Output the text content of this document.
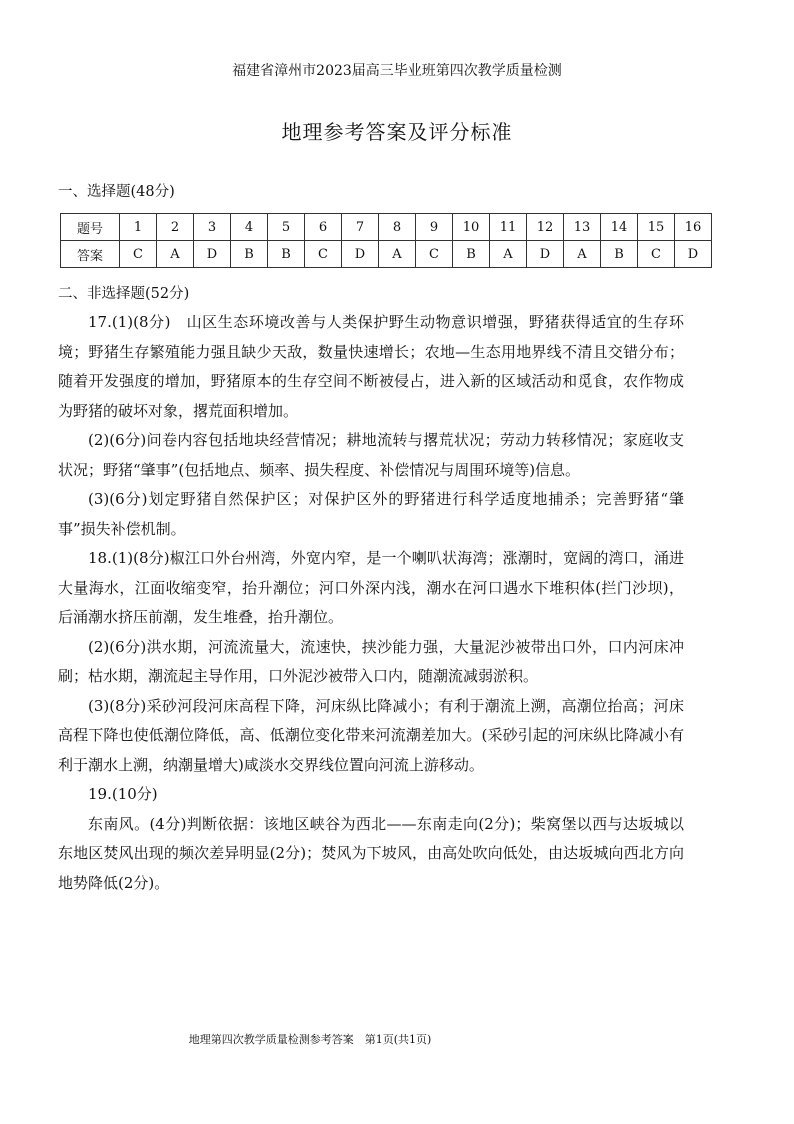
福建省漳州市2023届高三毕业班第四次教学质量检测
地理参考答案及评分标准
一、选择题(48分)
题号	1	2	3	4	5	6	7	8	9	10	11	12	13	14	15	16
答案	C	A	D	B	B	C	D	A	C	B	A	D	A	B	C	D
二、非选择题(52分)

17.(1)(8分)　山区生态环境改善与人类保护野生动物意识增强，野猪获得适宜的生存环境；野猪生存繁殖能力强且缺少天敌，数量快速增长；农地—生态用地界线不清且交错分布；随着开发强度的增加，野猪原本的生存空间不断被侵占，进入新的区域活动和觅食，农作物成为野猪的破坏对象，撂荒面积增加。

(2)(6分)问卷内容包括地块经营情况；耕地流转与撂荒状况；劳动力转移情况；家庭收支状况；野猪“肇事”(包括地点、频率、损失程度、补偿情况与周围环境等)信息。

(3)(6分)划定野猪自然保护区；对保护区外的野猪进行科学适度地捕杀；完善野猪“肇事”损失补偿机制。

18.(1)(8分)椒江口外台州湾，外宽内窄，是一个喇叭状海湾；涨潮时，宽阔的湾口，涌进大量海水，江面收缩变窄，抬升潮位；河口外深内浅，潮水在河口遇水下堆积体(拦门沙坝)，后涌潮水挤压前潮，发生堆叠，抬升潮位。

(2)(6分)洪水期，河流流量大，流速快，挟沙能力强，大量泥沙被带出口外，口内河床冲刷；枯水期，潮流起主导作用，口外泥沙被带入口内，随潮流减弱淤积。

(3)(8分)采砂河段河床高程下降，河床纵比降减小；有利于潮流上溯，高潮位抬高；河床高程下降也使低潮位降低，高、低潮位变化带来河流潮差加大。(采砂引起的河床纵比降减小有利于潮水上溯，纳潮量增大)咸淡水交界线位置向河流上游移动。

19.(10分)

东南风。(4分)判断依据：该地区峡谷为西北——东南走向(2分)；柴窝堡以西与达坂城以东地区焚风出现的频次差异明显(2分)；焚风为下坡风，由高处吹向低处，由达坂城向西北方向地势降低(2分)。

地理第四次教学质量检测参考答案　第1页(共1页)
